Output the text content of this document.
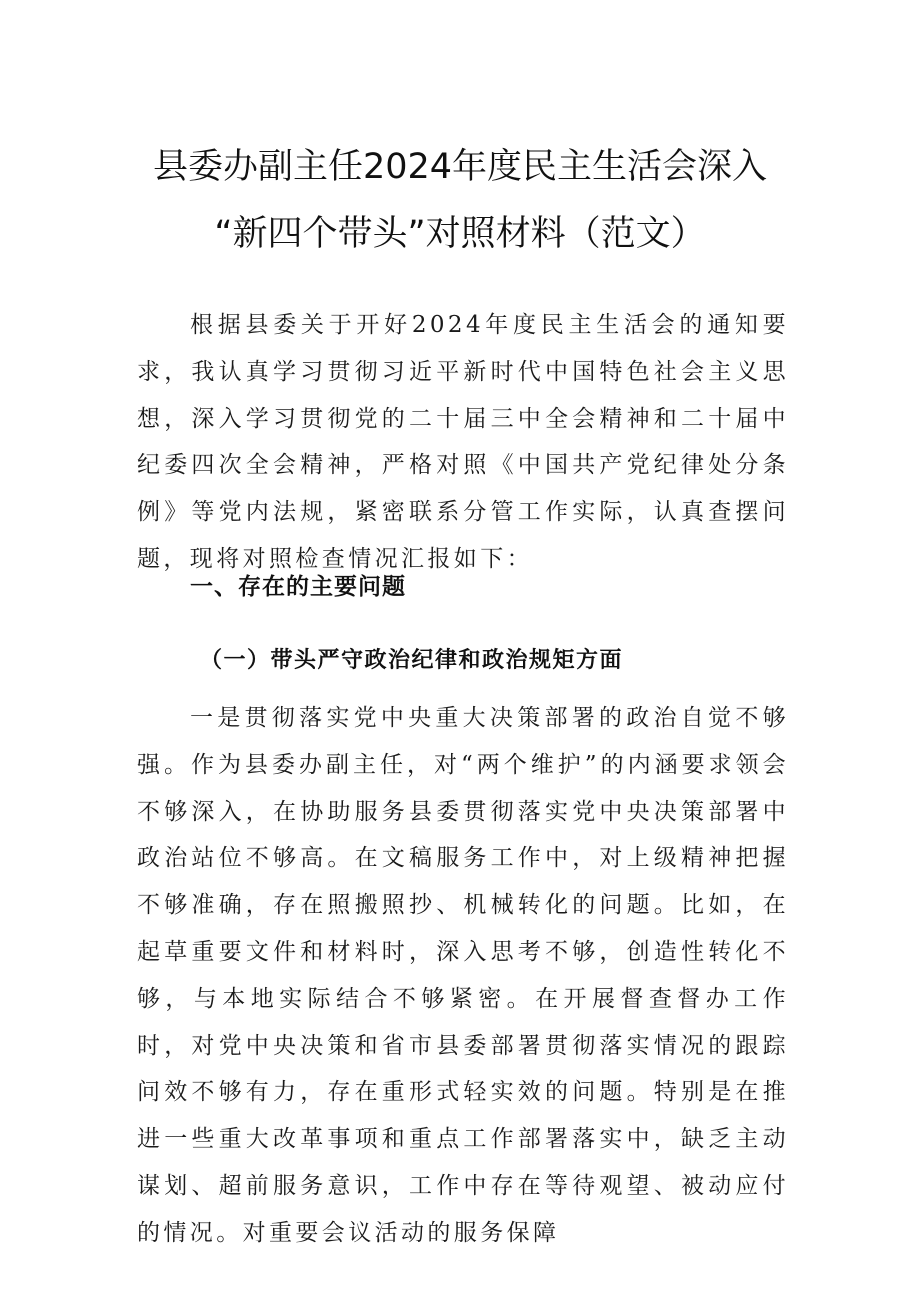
县委办副主任2024年度民主生活会深入
“新四个带头”对照材料（范文）

根据县委关于开好2024年度民主生活会的通知要求，我认真学习贯彻习近平新时代中国特色社会主义思想，深入学习贯彻党的二十届三中全会精神和二十届中纪委四次全会精神，严格对照《中国共产党纪律处分条例》等党内法规，紧密联系分管工作实际，认真查摆问题，现将对照检查情况汇报如下：

一、存在的主要问题
（一）带头严守政治纪律和政治规矩方面

一是贯彻落实党中央重大决策部署的政治自觉不够强。作为县委办副主任，对“两个维护”的内涵要求领会不够深入，在协助服务县委贯彻落实党中央决策部署中政治站位不够高。在文稿服务工作中，对上级精神把握不够准确，存在照搬照抄、机械转化的问题。比如，在起草重要文件和材料时，深入思考不够，创造性转化不够，与本地实际结合不够紧密。在开展督查督办工作时，对党中央决策和省市县委部署贯彻落实情况的跟踪问效不够有力，存在重形式轻实效的问题。特别是在推进一些重大改革事项和重点工作部署落实中，缺乏主动谋划、超前服务意识，工作中存在等待观望、被动应付的情况。对重要会议活动的服务保障
